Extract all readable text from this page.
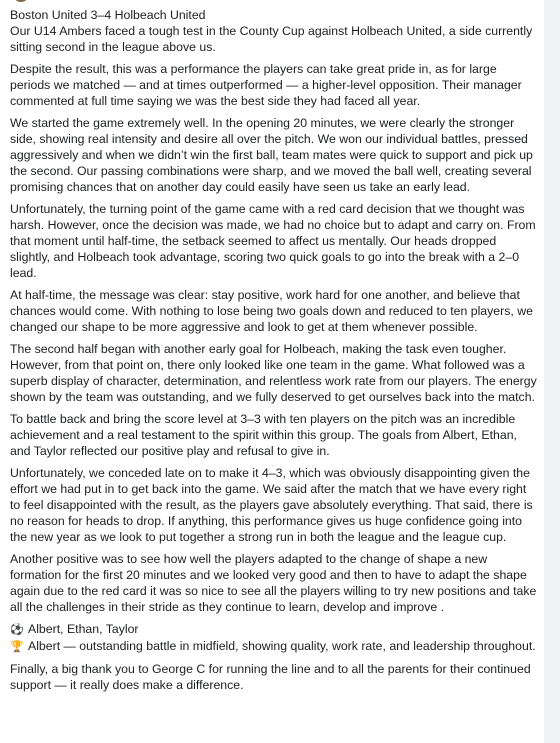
Boston United 3–4 Holbeach United

Our U14 Ambers faced a tough test in the County Cup against Holbeach United, a side currently sitting second in the league above us.

Despite the result, this was a performance the players can take great pride in, as for large periods we matched — and at times outperformed — a higher-level opposition. Their manager commented at full time saying we was the best side they had faced all year.

We started the game extremely well. In the opening 20 minutes, we were clearly the stronger side, showing real intensity and desire all over the pitch. We won our individual battles, pressed aggressively and when we didn’t win the first ball, team mates were quick to support and pick up the second. Our passing combinations were sharp, and we moved the ball well, creating several promising chances that on another day could easily have seen us take an early lead.

Unfortunately, the turning point of the game came with a red card decision that we thought was harsh. However, once the decision was made, we had no choice but to adapt and carry on. From that moment until half-time, the setback seemed to affect us mentally. Our heads dropped slightly, and Holbeach took advantage, scoring two quick goals to go into the break with a 2–0 lead.

At half-time, the message was clear: stay positive, work hard for one another, and believe that chances would come. With nothing to lose being two goals down and reduced to ten players, we changed our shape to be more aggressive and look to get at them whenever possible.

The second half began with another early goal for Holbeach, making the task even tougher. However, from that point on, there only looked like one team in the game. What followed was a superb display of character, determination, and relentless work rate from our players. The energy shown by the team was outstanding, and we fully deserved to get ourselves back into the match.

To battle back and bring the score level at 3–3 with ten players on the pitch was an incredible achievement and a real testament to the spirit within this group. The goals from Albert, Ethan, and Taylor reflected our positive play and refusal to give in.

Unfortunately, we conceded late on to make it 4–3, which was obviously disappointing given the effort we had put in to get back into the game. We said after the match that we have every right to feel disappointed with the result, as the players gave absolutely everything. That said, there is no reason for heads to drop. If anything, this performance gives us huge confidence going into the new year as we look to put together a strong run in both the league and the league cup.

Another positive was to see how well the players adapted to the change of shape a new formation for the first 20 minutes and we looked very good and then to have to adapt the shape again due to the red card it was so nice to see all the players willing to try new positions and take all the challenges in their stride as they continue to learn, develop and improve .

⚽ Albert, Ethan, Taylor

🏆 Albert — outstanding battle in midfield, showing quality, work rate, and leadership throughout.

Finally, a big thank you to George C for running the line and to all the parents for their continued support — it really does make a difference.
